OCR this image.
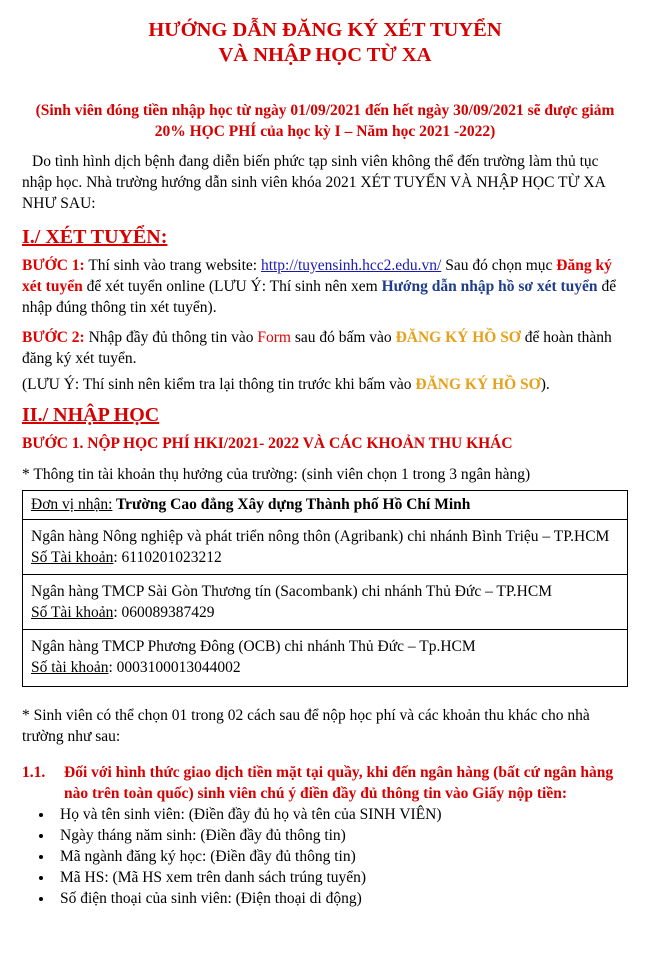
HƯỚNG DẪN ĐĂNG KÝ XÉT TUYỂN
VÀ NHẬP HỌC TỪ XA

(Sinh viên đóng tiền nhập học từ ngày 01/09/2021 đến hết ngày 30/09/2021 sẽ được giảm 20% HỌC PHÍ của học kỳ I – Năm học 2021 -2022)

Do tình hình dịch bệnh đang diễn biến phức tạp sinh viên không thể đến trường làm thủ tục nhập học. Nhà trường hướng dẫn sinh viên khóa 2021 XÉT TUYỂN VÀ NHẬP HỌC TỪ XA NHƯ SAU:

I./ XÉT TUYỂN:

BƯỚC 1: Thí sinh vào trang website: http://tuyensinh.hcc2.edu.vn/ Sau đó chọn mục Đăng ký xét tuyển để xét tuyển online (LƯU Ý: Thí sinh nên xem Hướng dẫn nhập hồ sơ xét tuyển để nhập đúng thông tin xét tuyển).

BƯỚC 2: Nhập đầy đủ thông tin vào Form sau đó bấm vào ĐĂNG KÝ HỒ SƠ để hoàn thành đăng ký xét tuyển.

(LƯU Ý: Thí sinh nên kiểm tra lại thông tin trước khi bấm vào ĐĂNG KÝ HỒ SƠ).

II./ NHẬP HỌC

BƯỚC 1. NỘP HỌC PHÍ HKI/2021- 2022 VÀ CÁC KHOẢN THU KHÁC

* Thông tin tài khoản thụ hưởng của trường: (sinh viên chọn 1 trong 3 ngân hàng)

Đơn vị nhận: Trường Cao đẳng Xây dựng Thành phố Hồ Chí Minh
Ngân hàng Nông nghiệp và phát triển nông thôn (Agribank) chi nhánh Bình Triệu – TP.HCM Số Tài khoản: 6110201023212
Ngân hàng TMCP Sài Gòn Thương tín (Sacombank) chi nhánh Thủ Đức – TP.HCM
Số Tài khoản: 060089387429
Ngân hàng TMCP Phương Đông (OCB) chi nhánh Thủ Đức – Tp.HCM
Số tài khoản: 0003100013044002

* Sinh viên có thể chọn 01 trong 02 cách sau để nộp học phí và các khoản thu khác cho nhà trường như sau:

1.1.	Đối với hình thức giao dịch tiền mặt tại quầy, khi đến ngân hàng (bất cứ ngân hàng nào trên toàn quốc) sinh viên chú ý điền đầy đủ thông tin vào Giấy nộp tiền:
• Họ và tên sinh viên: (Điền đầy đủ họ và tên của SINH VIÊN)
• Ngày tháng năm sinh: (Điền đầy đủ thông tin)
• Mã ngành đăng ký học: (Điền đầy đủ thông tin)
• Mã HS: (Mã HS xem trên danh sách trúng tuyển)
• Số điện thoại của sinh viên: (Điện thoại di động)
